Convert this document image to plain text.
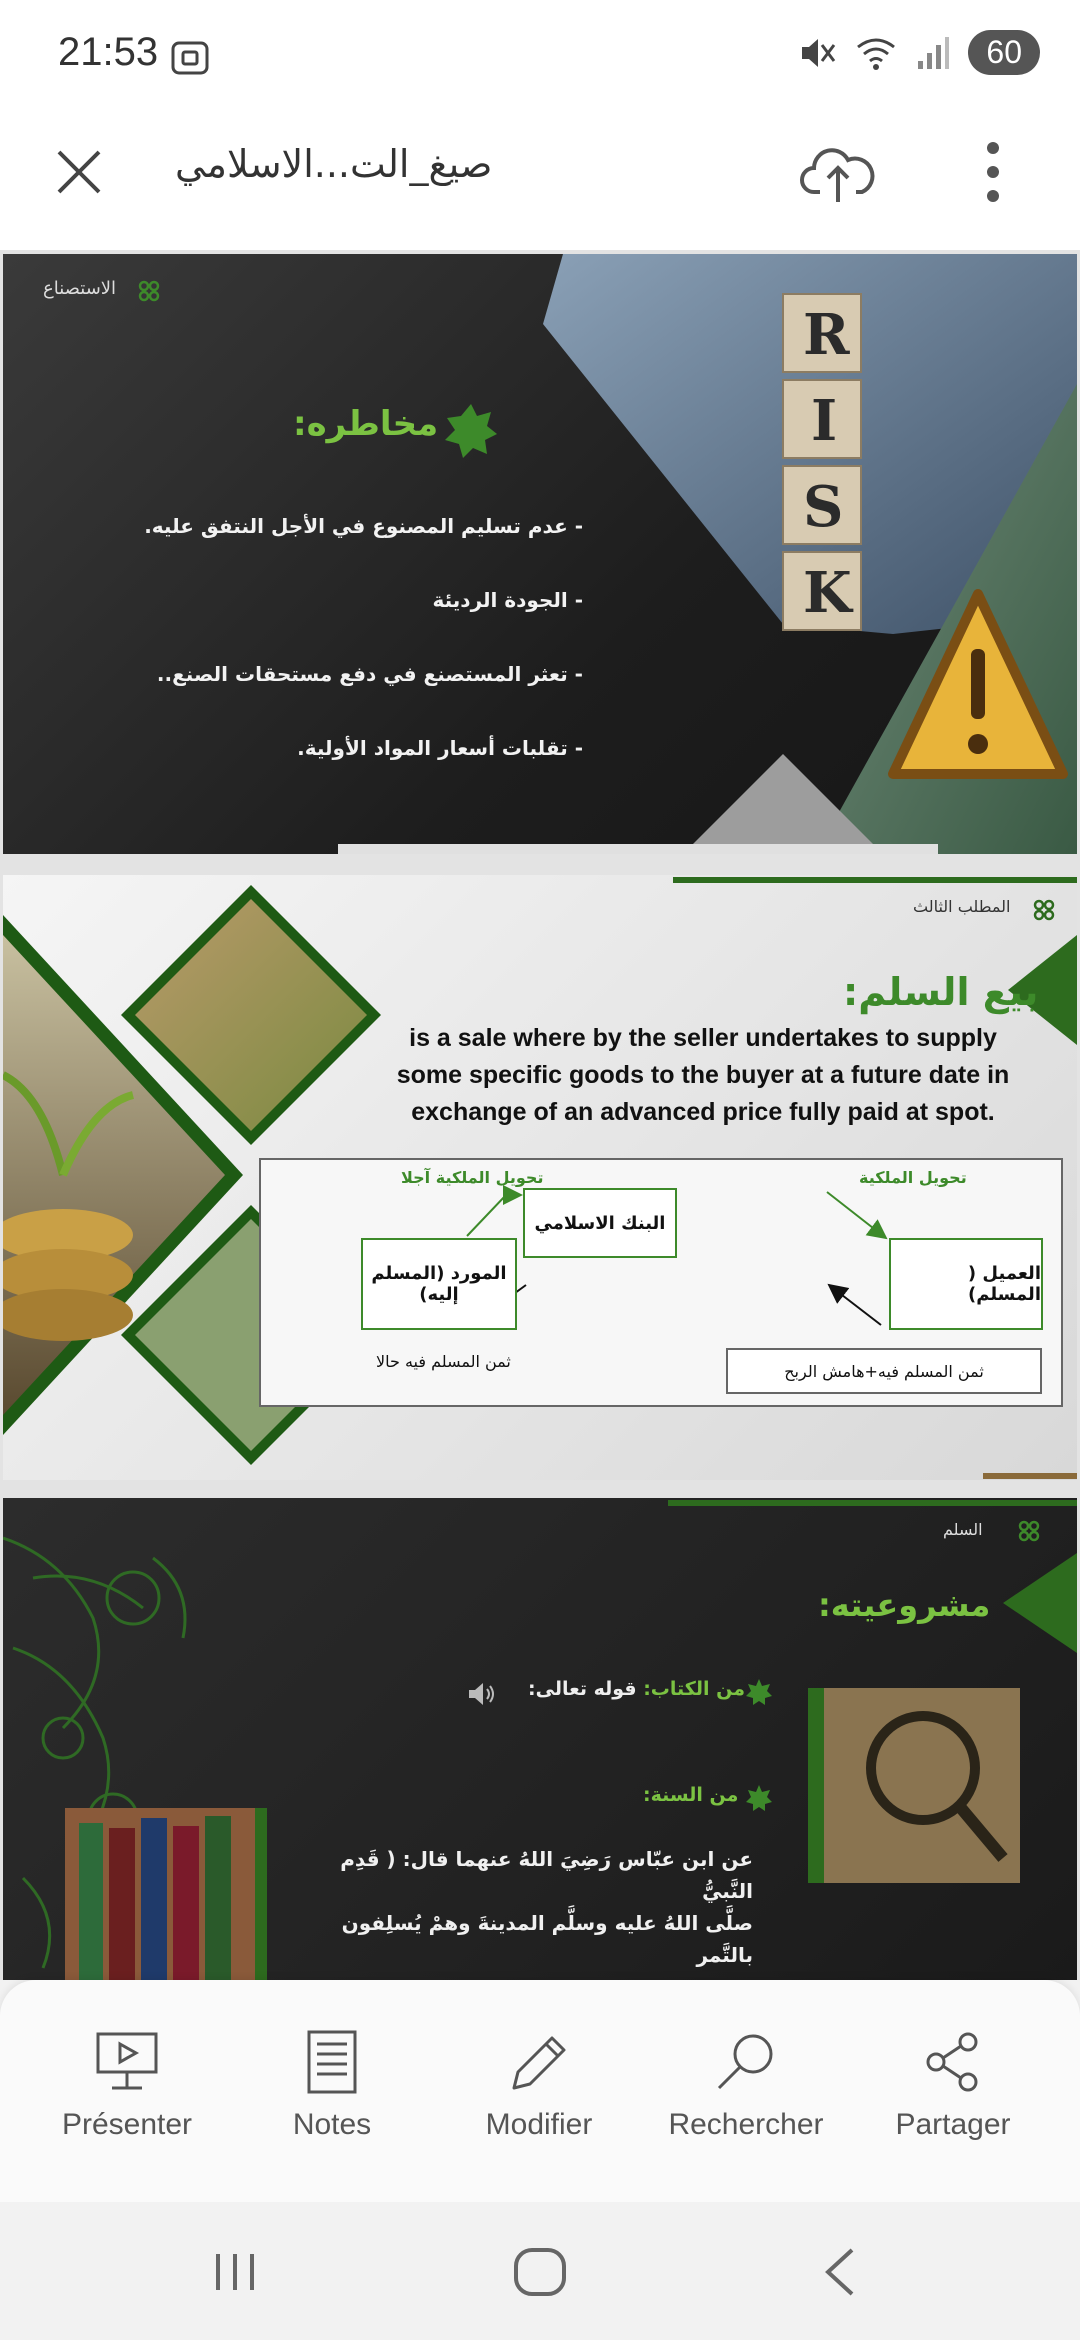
21:53	60
صيغ_الت...الاسلامي
R
I
S
K
الاستصناع
مخاطره:
- عدم تسليم المصنوع في الأجل النتفق عليه.
- الجودة الرديئة
- تعثر المستصنع في دفع مستحقات الصنع..
- تقلبات أسعار المواد الأولية.
المطلب الثالث
بيع السلم:
is a sale where by the seller undertakes to supply some specific goods to the buyer at a future date in exchange of an advanced price fully paid at spot.
تحويل الملكية آجلا	تحويل الملكية
البنك الاسلامي
المورد (المسلم إليه)
العميل ( المسلم)
ثمن المسلم فيه حالا	ثمن المسلم فيه+هامش الربح
السلم
مشروعيته:
من الكتاب: قوله تعالى:
من السنة:
عن ابن عبّاس رَضِيَ اللهُ عنهما قال: ( قَدِم النَّبيُّ
صلَّى اللهُ عليه وسلَّم المدينةَ وهمْ يُسلِفون بالتَّمر
Présenter	Notes	Modifier	Rechercher	Partager
